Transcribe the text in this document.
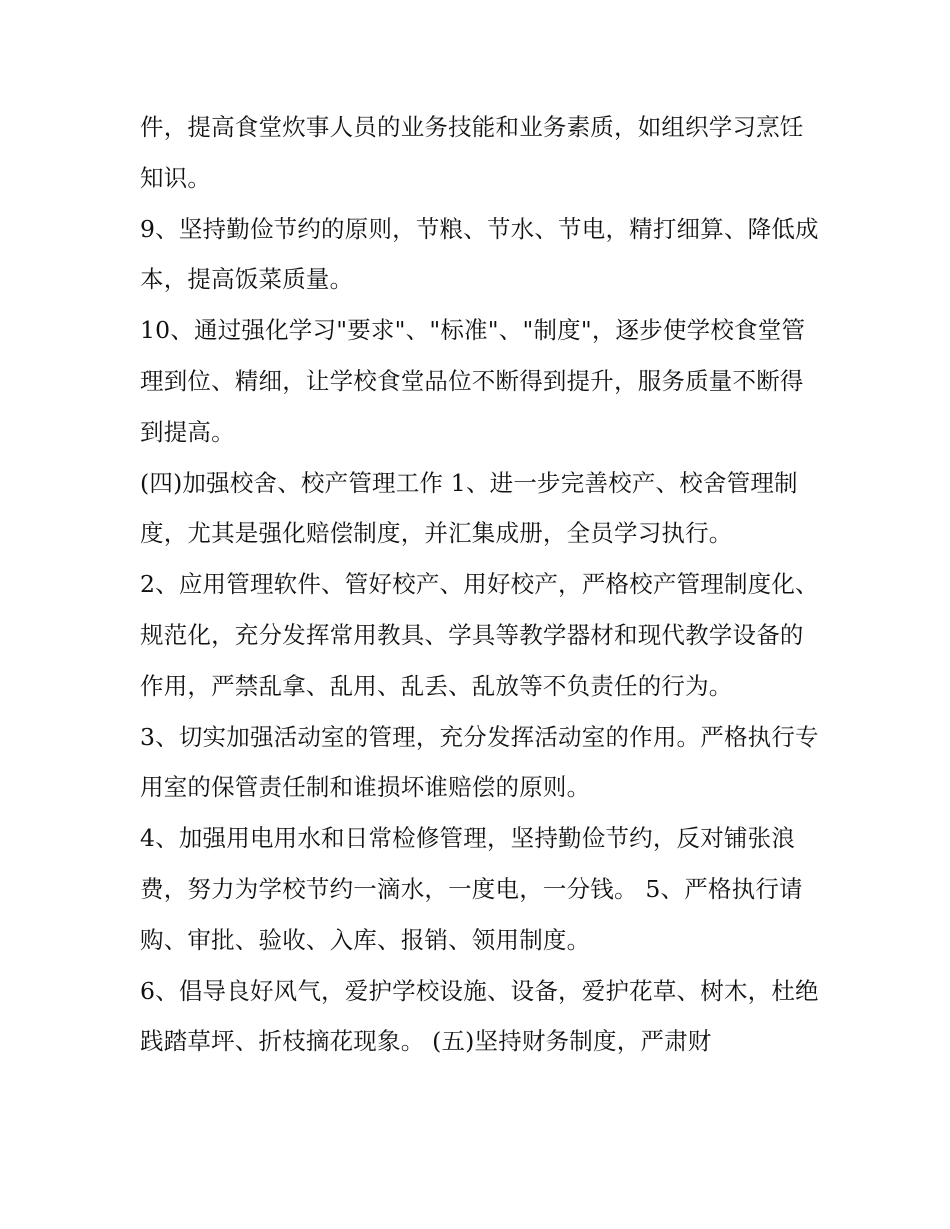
件，提高食堂炊事人员的业务技能和业务素质，如组织学习烹饪知识。

9、坚持勤俭节约的原则，节粮、节水、节电，精打细算、降低成本，提高饭菜质量。

10、通过强化学习"要求"、"标准"、"制度"，逐步使学校食堂管理到位、精细，让学校食堂品位不断得到提升，服务质量不断得到提高。

(四)加强校舍、校产管理工作 1、进一步完善校产、校舍管理制度，尤其是强化赔偿制度，并汇集成册，全员学习执行。

2、应用管理软件、管好校产、用好校产，严格校产管理制度化、规范化，充分发挥常用教具、学具等教学器材和现代教学设备的作用，严禁乱拿、乱用、乱丢、乱放等不负责任的行为。

3、切实加强活动室的管理，充分发挥活动室的作用。严格执行专用室的保管责任制和谁损坏谁赔偿的原则。

4、加强用电用水和日常检修管理，坚持勤俭节约，反对铺张浪费，努力为学校节约一滴水，一度电，一分钱。 5、严格执行请购、审批、验收、入库、报销、领用制度。

6、倡导良好风气，爱护学校设施、设备，爱护花草、树木，杜绝践踏草坪、折枝摘花现象。 (五)坚持财务制度，严肃财
